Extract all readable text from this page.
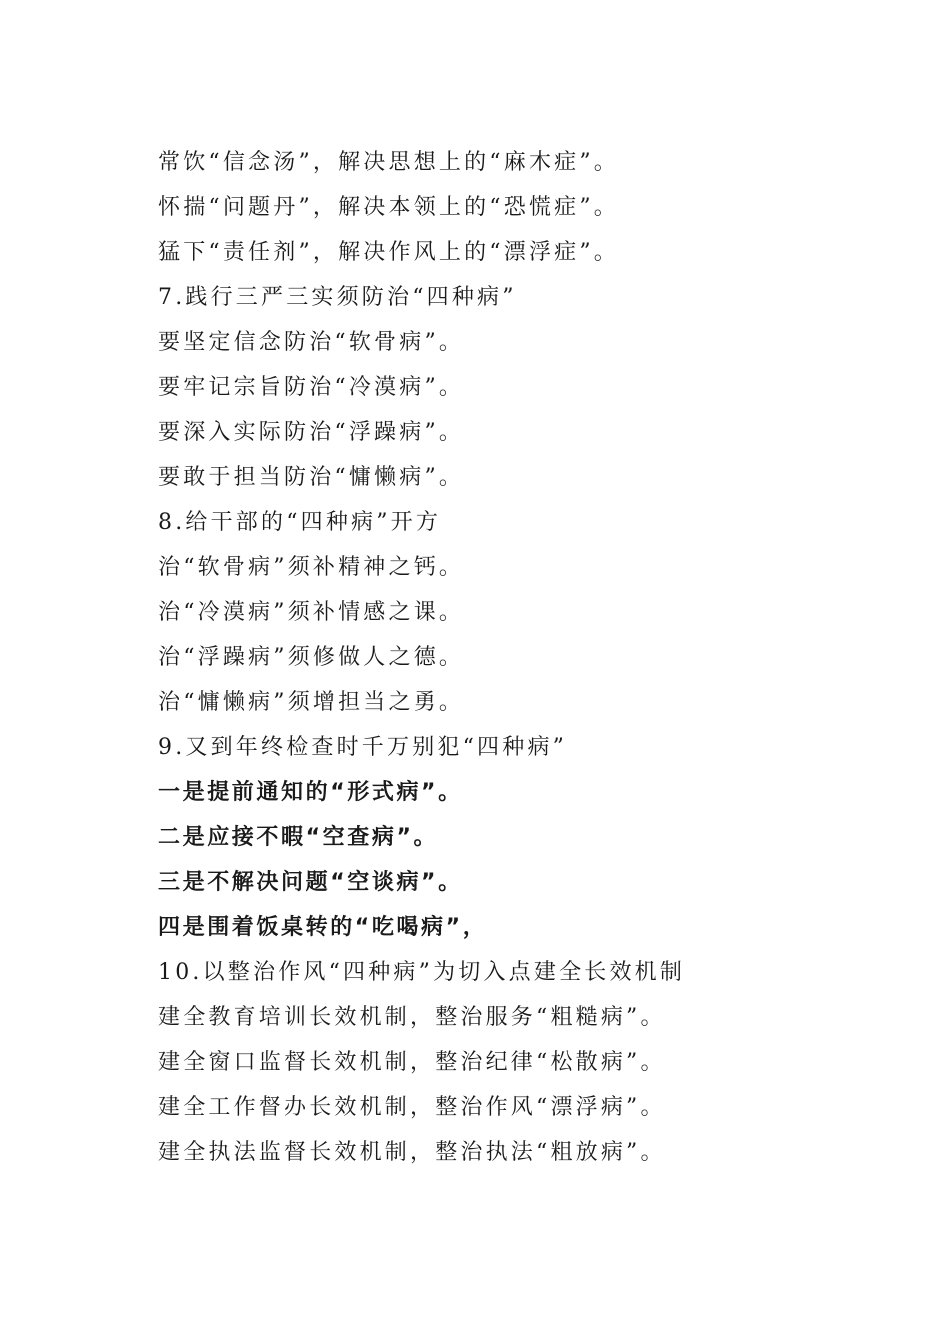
常饮“信念汤”，解决思想上的“麻木症”。
怀揣“问题丹”，解决本领上的“恐慌症”。
猛下“责任剂”，解决作风上的“漂浮症”。
7.践行三严三实须防治“四种病”
要坚定信念防治“软骨病”。
要牢记宗旨防治“冷漠病”。
要深入实际防治“浮躁病”。
要敢于担当防治“慵懒病”。
8.给干部的“四种病”开方
治“软骨病”须补精神之钙。
治“冷漠病”须补情感之课。
治“浮躁病”须修做人之德。
治“慵懒病”须增担当之勇。
9.又到年终检查时千万别犯“四种病”
一是提前通知的“形式病”。
二是应接不暇“空查病”。
三是不解决问题“空谈病”。
四是围着饭桌转的“吃喝病”，
10.以整治作风“四种病”为切入点建全长效机制
建全教育培训长效机制，整治服务“粗糙病”。
建全窗口监督长效机制，整治纪律“松散病”。
建全工作督办长效机制，整治作风“漂浮病”。
建全执法监督长效机制，整治执法“粗放病”。
